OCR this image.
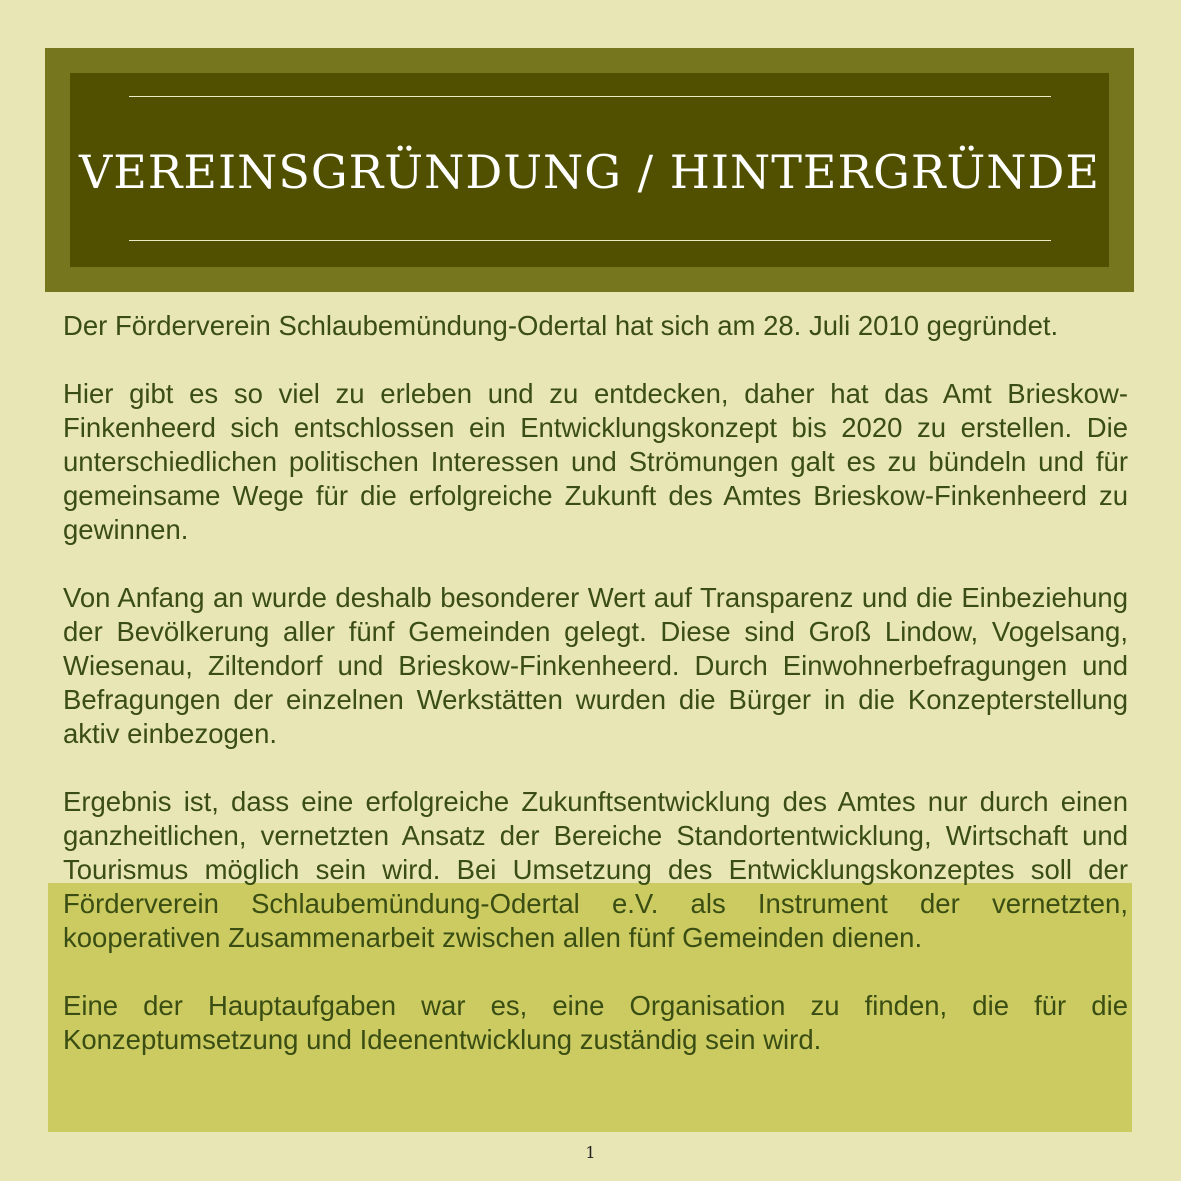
VEREINSGRÜNDUNG / HINTERGRÜNDE

Der Förderverein Schlaubemündung-Odertal hat sich am 28. Juli 2010 gegründet.

Hier gibt es so viel zu erleben und zu entdecken, daher hat das Amt Brieskow-Finkenheerd sich entschlossen ein Entwicklungskonzept bis 2020 zu erstellen. Die unterschiedlichen politischen Interessen und Strömungen galt es zu bündeln und für gemeinsame Wege für die erfolgreiche Zukunft des Amtes Brieskow-Finkenheerd zu gewinnen.

Von Anfang an wurde deshalb besonderer Wert auf Transparenz und die Einbeziehung der Bevölkerung aller fünf Gemeinden gelegt. Diese sind Groß Lindow, Vogelsang, Wiesenau, Ziltendorf und Brieskow-Finkenheerd. Durch Einwohnerbefragungen und Befragungen der einzelnen Werkstätten wurden die Bürger in die Konzepterstellung aktiv einbezogen.

Ergebnis ist, dass eine erfolgreiche Zukunftsentwicklung des Amtes nur durch einen ganzheitlichen, vernetzten Ansatz der Bereiche Standortentwicklung, Wirtschaft und Tourismus möglich sein wird. Bei Umsetzung des Entwicklungskonzeptes soll der Förderverein Schlaubemündung-Odertal e.V. als Instrument der vernetzten, kooperativen Zusammenarbeit zwischen allen fünf Gemeinden dienen.

Eine der Hauptaufgaben war es, eine Organisation zu finden, die für die Konzeptumsetzung und Ideenentwicklung zuständig sein wird.

1
